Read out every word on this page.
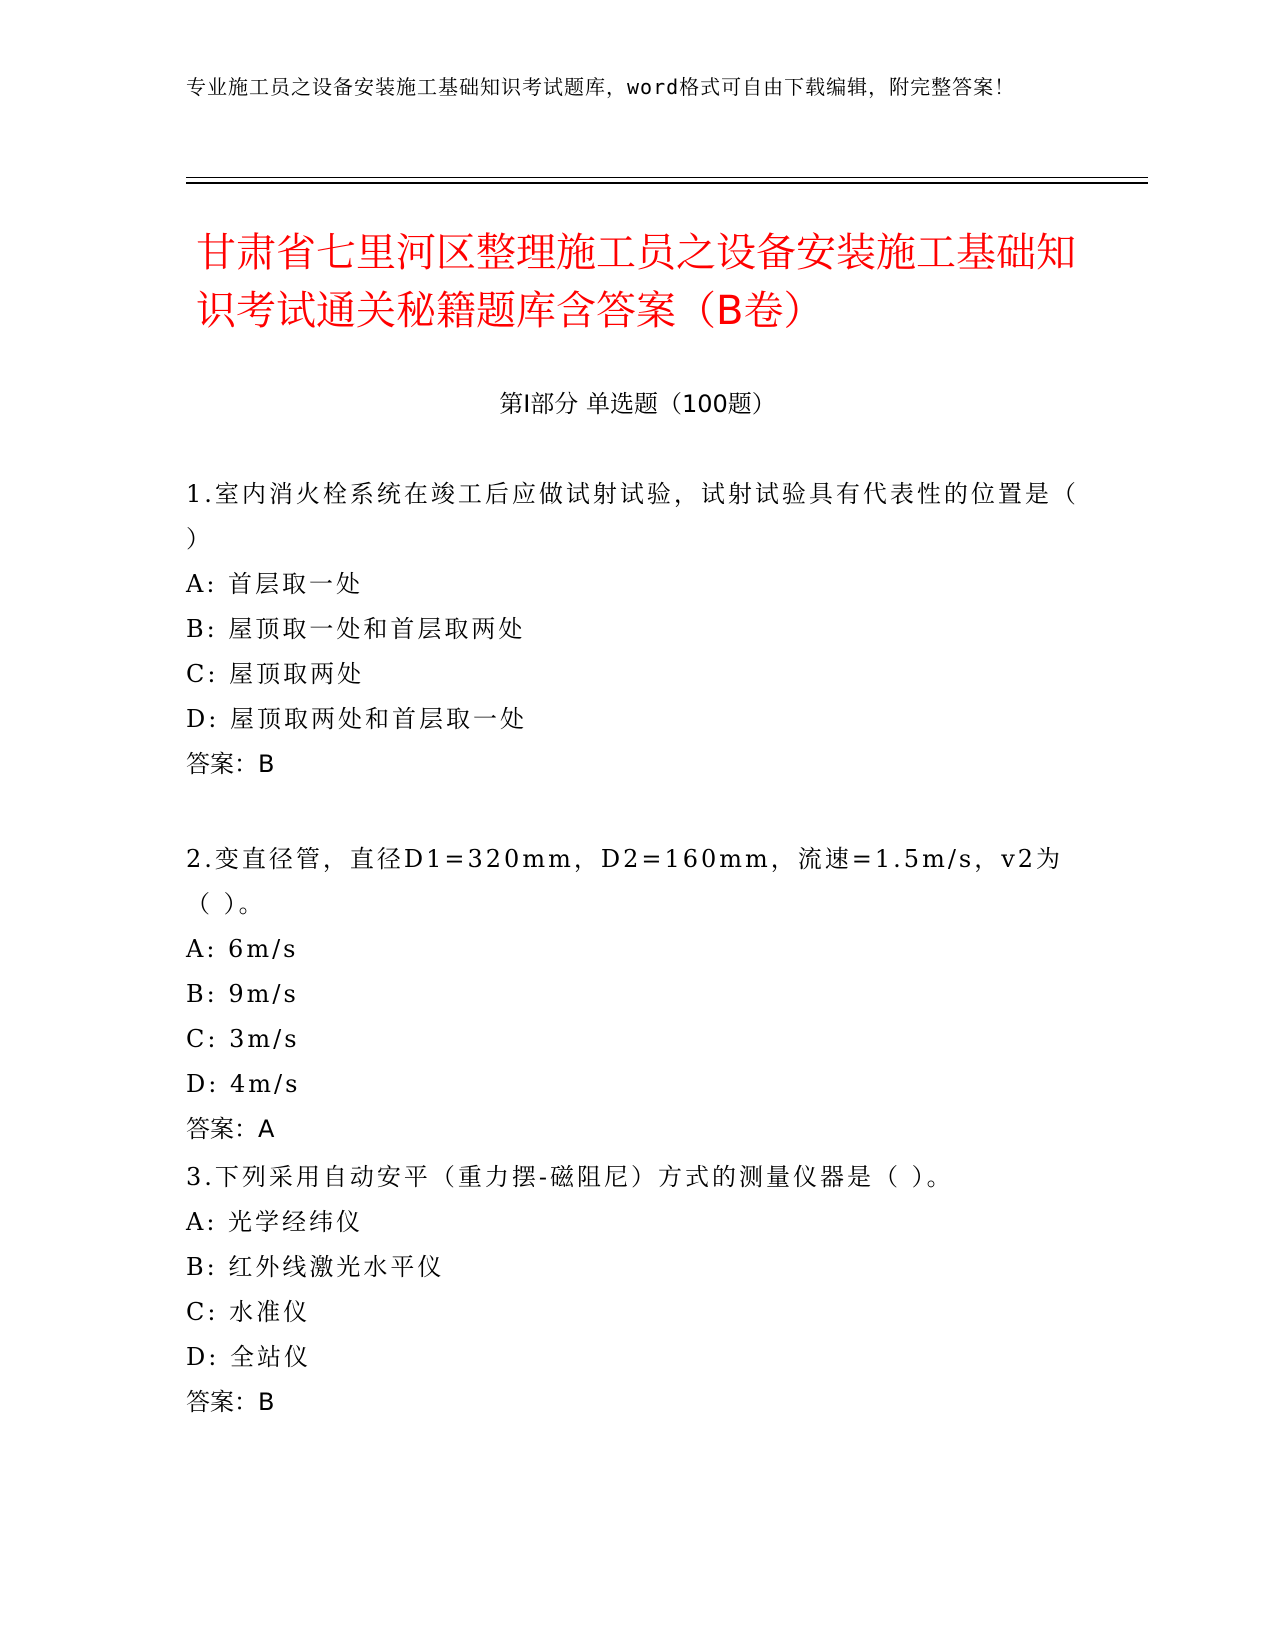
专业施工员之设备安装施工基础知识考试题库，word格式可自由下载编辑，附完整答案！
甘肃省七里河区整理施工员之设备安装施工基础知识考试通关秘籍题库含答案（B卷）
第I部分 单选题（100题）

1.室内消火栓系统在竣工后应做试射试验，试射试验具有代表性的位置是（ ）

A: 首层取一处

B: 屋顶取一处和首层取两处

C: 屋顶取两处

D: 屋顶取两处和首层取一处

答案：B

2.变直径管，直径D1=320mm，D2=160mm，流速=1.5m/s，v2为（ ）。

A: 6m/s

B: 9m/s

C: 3m/s

D: 4m/s

答案：A

3.下列采用自动安平（重力摆-磁阻尼）方式的测量仪器是（ ）。

A: 光学经纬仪

B: 红外线激光水平仪

C: 水准仪

D: 全站仪

答案：B
